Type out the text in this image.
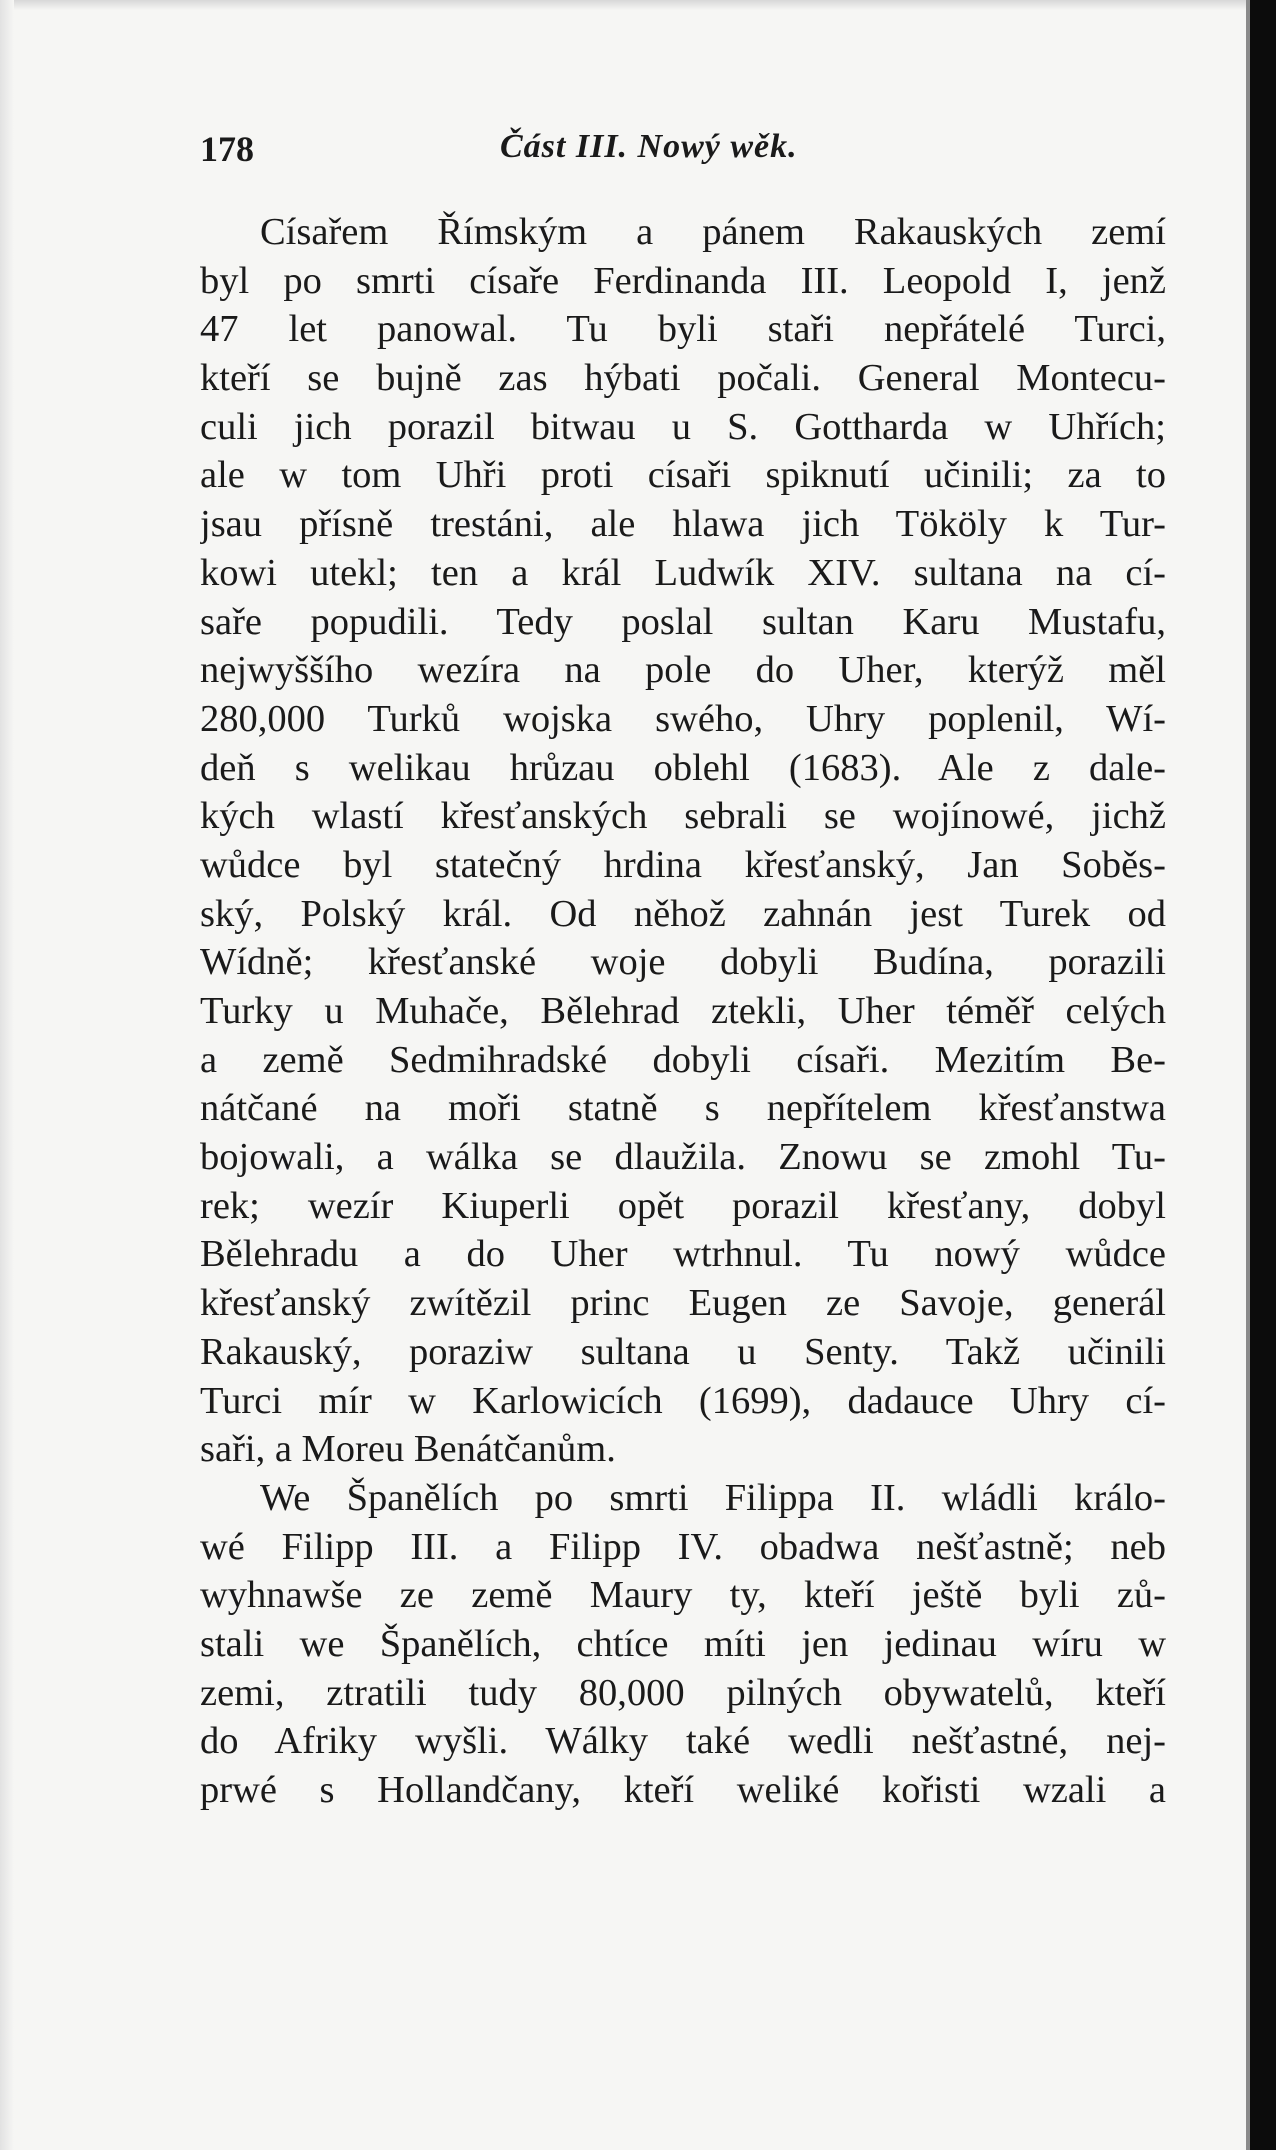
178	Část III. Nowý wěk.
Císařem Římským a pánem Rakauských zemí
byl po smrti císaře Ferdinanda III. Leopold I, jenž
47 let panowal. Tu byli staři nepřátelé Turci,
kteří se bujně zas hýbati počali. General Montecu-
culi jich porazil bitwau u S. Gottharda w Uhřích;
ale w tom Uhři proti císaři spiknutí učinili; za to
jsau přísně trestáni, ale hlawa jich Tököly k Tur-
kowi utekl; ten a král Ludwík XIV. sultana na cí-
saře popudili. Tedy poslal sultan Karu Mustafu,
nejwyššího wezíra na pole do Uher, kterýž měl
280,000 Turků wojska swého, Uhry poplenil, Wí-
deň s welikau hrůzau oblehl (1683). Ale z dale-
kých wlastí křesťanských sebrali se wojínowé, jichž
wůdce byl statečný hrdina křesťanský, Jan Soběs-
ský, Polský král. Od něhož zahnán jest Turek od
Wídně; křesťanské woje dobyli Budína, porazili
Turky u Muhače, Bělehrad ztekli, Uher téměř celých
a země Sedmihradské dobyli císaři. Mezitím Be-
nátčané na moři statně s nepřítelem křesťanstwa
bojowali, a wálka se dlaužila. Znowu se zmohl Tu-
rek; wezír Kiuperli opět porazil křesťany, dobyl
Bělehradu a do Uher wtrhnul. Tu nowý wůdce
křesťanský zwítězil princ Eugen ze Savoje, generál
Rakauský, poraziw sultana u Senty. Takž učinili
Turci mír w Karlowicích (1699), dadauce Uhry cí-
saři, a Moreu Benátčanům.
We Španělích po smrti Filippa II. wládli králo-
wé Filipp III. a Filipp IV. obadwa nešťastně; neb
wyhnawše ze země Maury ty, kteří ještě byli zů-
stali we Španělích, chtíce míti jen jedinau wíru w
zemi, ztratili tudy 80,000 pilných obywatelů, kteří
do Afriky wyšli. Wálky také wedli nešťastné, nej-
prwé s Hollandčany, kteří weliké kořisti wzali a
